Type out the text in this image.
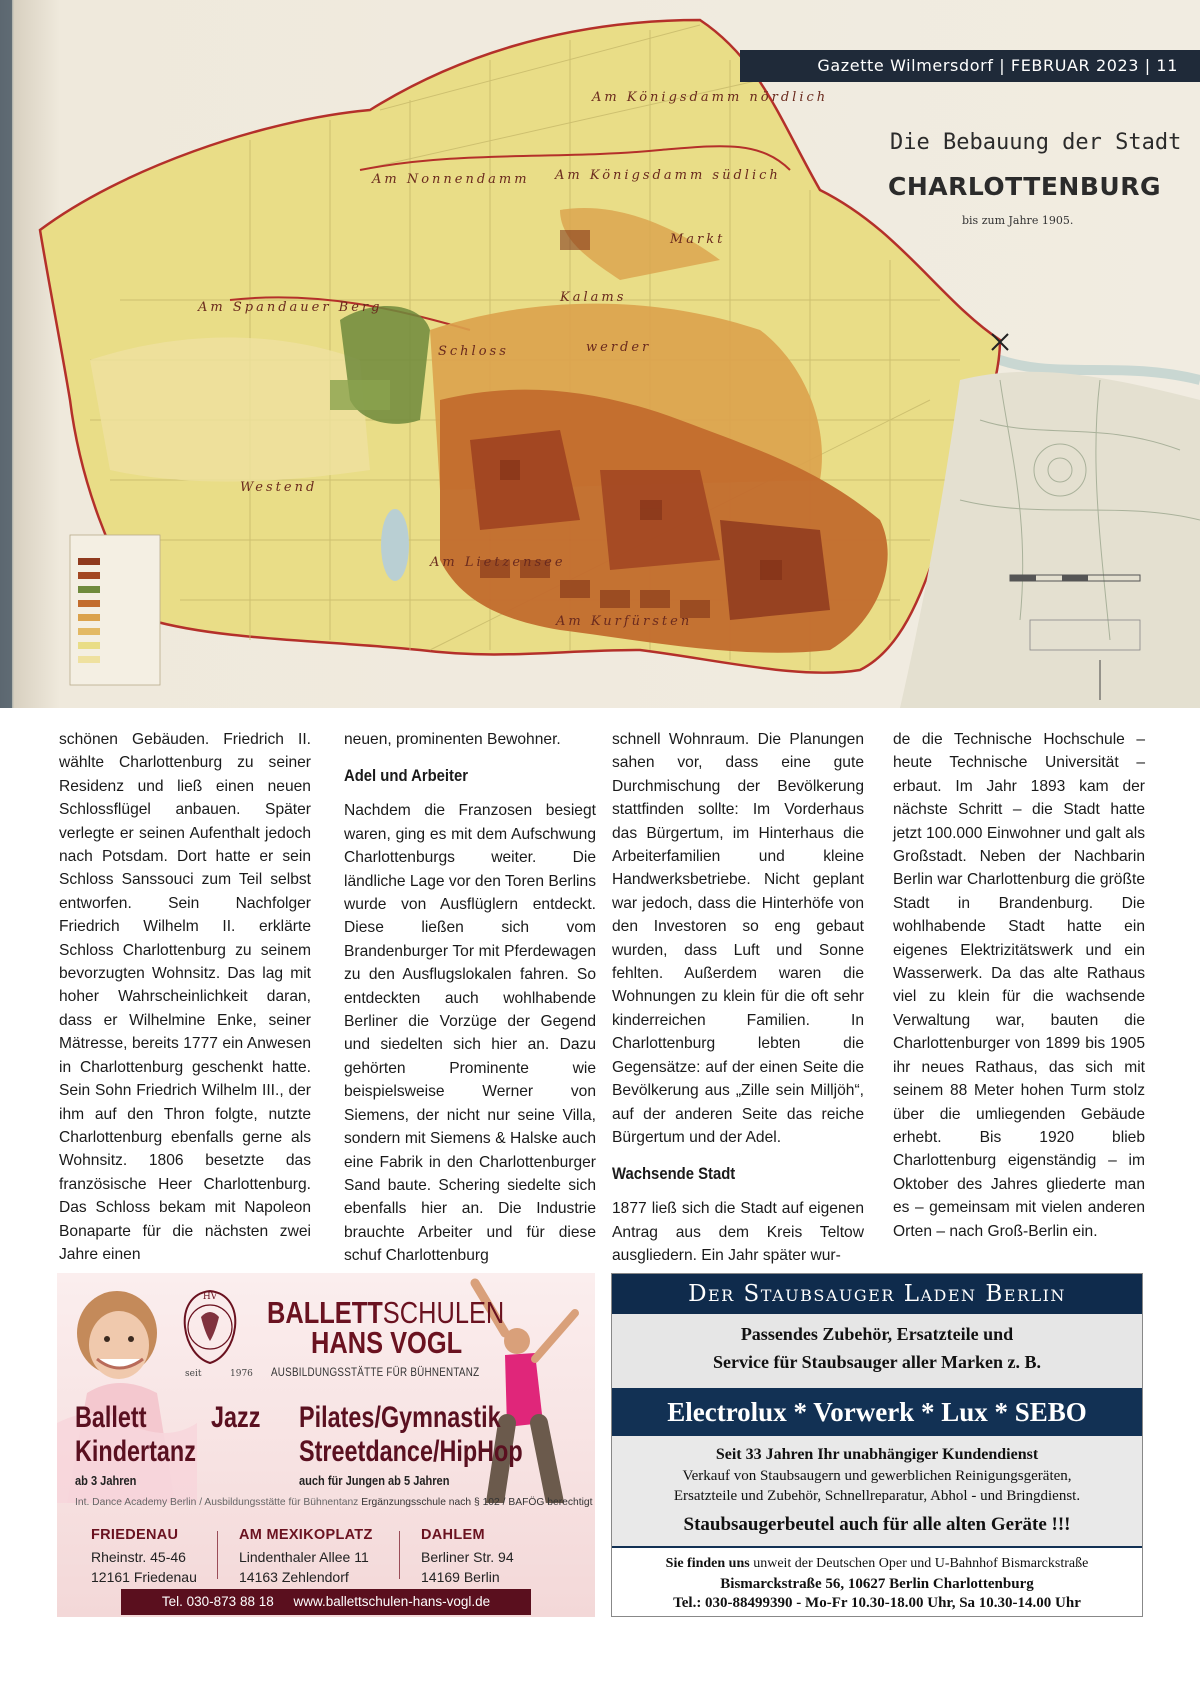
Gazette Wilmersdorf | FEBRUAR 2023 | 11
Die Bebauung der Stadt
CHARLOTTENBURG
bis zum Jahre 1905.
Am Königsdamm nördlich
Am Nonnendamm Am Königsdamm südlich
Markt
Am Spandauer Berg
Kalams
Schloss	werder
Westend
Am Lietzensee
Am Kurfürsten

schönen Gebäuden. Friedrich II. wählte Charlottenburg zu seiner Residenz und ließ einen neuen Schlossflügel anbauen. Später verlegte er seinen Aufenthalt jedoch nach Potsdam. Dort hatte er sein Schloss Sanssouci zum Teil selbst entworfen. Sein Nachfolger Friedrich Wilhelm II. erklärte Schloss Charlottenburg zu seinem bevorzugten Wohnsitz. Das lag mit hoher Wahrscheinlichkeit daran, dass er Wilhelmine Enke, seiner Mätresse, bereits 1777 ein Anwesen in Charlottenburg geschenkt hatte. Sein Sohn Friedrich Wilhelm III., der ihm auf den Thron folgte, nutzte Charlottenburg ebenfalls gerne als Wohnsitz. 1806 besetzte das französische Heer Charlottenburg. Das Schloss bekam mit Napoleon Bonaparte für die nächsten zwei Jahre einen

neuen, prominenten Bewohner.

Adel und Arbeiter

Nachdem die Franzosen besiegt waren, ging es mit dem Aufschwung Charlottenburgs weiter. Die ländliche Lage vor den Toren Berlins wurde von Ausflüglern entdeckt. Diese ließen sich vom Brandenburger Tor mit Pferdewagen zu den Ausflugslokalen fahren. So entdeckten auch wohlhabende Berliner die Vorzüge der Gegend und siedelten sich hier an. Dazu gehörten Prominente wie beispielsweise Werner von Siemens, der nicht nur seine Villa, sondern mit Siemens & Halske auch eine Fabrik in den Charlottenburger Sand baute. Schering siedelte sich ebenfalls hier an. Die Industrie brauchte Arbeiter und für diese schuf Charlottenburg

schnell Wohnraum. Die Planungen sahen vor, dass eine gute Durchmischung der Bevölkerung stattfinden sollte: Im Vorderhaus das Bürgertum, im Hinterhaus die Arbeiterfamilien und kleine Handwerksbetriebe. Nicht geplant war jedoch, dass die Hinterhöfe von den Investoren so eng gebaut wurden, dass Luft und Sonne fehlten. Außerdem waren die Wohnungen zu klein für die oft sehr kinderreichen Familien. In Charlottenburg lebten die Gegensätze: auf der einen Seite die Bevölkerung aus „Zille sein Milljöh“, auf der anderen Seite das reiche Bürgertum und der Adel.

Wachsende Stadt

1877 ließ sich die Stadt auf eigenen Antrag aus dem Kreis Teltow ausgliedern. Ein Jahr später wur-

de die Technische Hochschule – heute Technische Universität – erbaut. Im Jahr 1893 kam der nächste Schritt – die Stadt hatte jetzt 100.000 Einwohner und galt als Großstadt. Neben der Nachbarin Berlin war Charlottenburg die größte Stadt in Brandenburg. Die wohlhabende Stadt hatte ein eigenes Elektrizitätswerk und ein Wasserwerk. Da das alte Rathaus viel zu klein für die wachsende Verwaltung war, bauten die Charlottenburger von 1899 bis 1905 ihr neues Rathaus, das sich mit seinem 88 Meter hohen Turm stolz über die umliegenden Gebäude erhebt. Bis 1920 blieb Charlottenburg eigenständig – im Oktober des Jahres gliederte man es – gemeinsam mit vielen anderen Orten – nach Groß-Berlin ein.

HV
seit	1976
BALLETTSCHULEN
HANS VOGL
AUSBILDUNGSSTÄTTE FÜR BÜHNENTANZ
Ballett Jazz Pilates/Gymnastik
Kindertanz	Streetdance/HipHop
ab 3 Jahren	auch für Jungen ab 5 Jahren
Int. Dance Academy Berlin / Ausbildungsstätte für Bühnentanz Ergänzungsschule nach § 102 / BAFÖG berechtigt
FRIEDENAU
Rheinstr. 45-46
12161 Friedenau
AM MEXIKOPLATZ
Lindenthaler Allee 11
14163 Zehlendorf
DAHLEM
Berliner Str. 94
14169 Berlin
Tel. 030-873 88 18 www.ballettschulen-hans-vogl.de
Der Staubsauger Laden Berlin
Passendes Zubehör, Ersatzteile und
Service für Staubsauger aller Marken z. B.
Electrolux * Vorwerk * Lux * SEBO
Seit 33 Jahren Ihr unabhängiger Kundendienst
Verkauf von Staubsaugern und gewerblichen Reinigungsgeräten,
Ersatzteile und Zubehör, Schnellreparatur, Abhol - und Bringdienst.
Staubsaugerbeutel auch für alle alten Geräte !!!
Sie finden uns unweit der Deutschen Oper und U-Bahnhof Bismarckstraße
Bismarckstraße 56, 10627 Berlin Charlottenburg
Tel.: 030-88499390 - Mo-Fr 10.30-18.00 Uhr, Sa 10.30-14.00 Uhr
